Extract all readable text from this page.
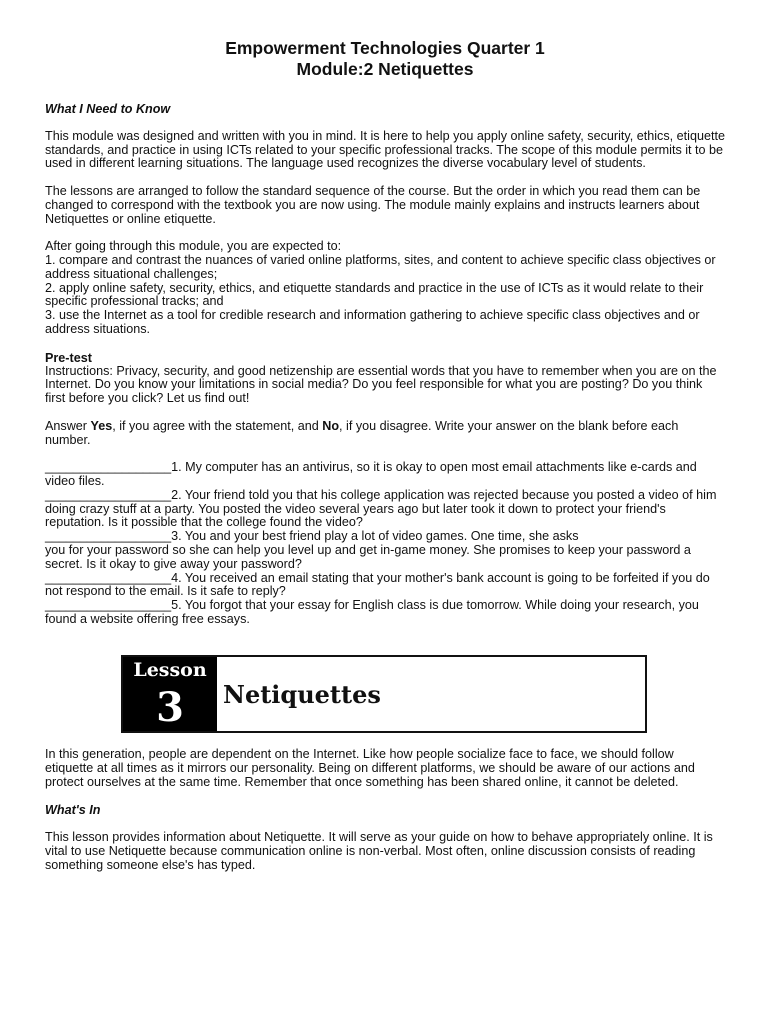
Empowerment Technologies Quarter 1

Module:2 Netiquettes

What I Need to Know

This module was designed and written with you in mind. It is here to help you apply online safety, security, ethics, etiquette standards, and practice in using ICTs related to your specific professional tracks. The scope of this module permits it to be used in different learning situations. The language used recognizes the diverse vocabulary level of students.

The lessons are arranged to follow the standard sequence of the course. But the order in which you read them can be changed to correspond with the textbook you are now using. The module mainly explains and instructs learners about Netiquettes or online etiquette.

After going through this module, you are expected to:

1. compare and contrast the nuances of varied online platforms, sites, and content to achieve specific class objectives or address situational challenges;

2. apply online safety, security, ethics, and etiquette standards and practice in the use of ICTs as it would relate to their specific professional tracks; and

3. use the Internet as a tool for credible research and information gathering to achieve specific class objectives and or address situations.

Pre-test

Instructions: Privacy, security, and good netizenship are essential words that you have to remember when you are on the Internet. Do you know your limitations in social media? Do you feel responsible for what you are posting? Do you think first before you click? Let us find out!

Answer Yes, if you agree with the statement, and No, if you disagree. Write your answer on the blank before each number.

__________________1. My computer has an antivirus, so it is okay to open most email attachments like e-cards and video files.

__________________2. Your friend told you that his college application was rejected because you posted a video of him doing crazy stuff at a party. You posted the video several years ago but later took it down to protect your friend's reputation. Is it possible that the college found the video?

__________________3. You and your best friend play a lot of video games. One time, she asks
you for your password so she can help you level up and get in-game money. She promises to keep your password a secret. Is it okay to give away your password?

__________________4. You received an email stating that your mother's bank account is going to be forfeited if you do not respond to the email. Is it safe to reply?

__________________5. You forgot that your essay for English class is due tomorrow. While doing your research, you found a website offering free essays.

Lesson
3 Netiquettes

In this generation, people are dependent on the Internet. Like how people socialize face to face, we should follow etiquette at all times as it mirrors our personality. Being on different platforms, we should be aware of our actions and protect ourselves at the same time. Remember that once something has been shared online, it cannot be deleted.

What's In

This lesson provides information about Netiquette. It will serve as your guide on how to behave appropriately online. It is vital to use Netiquette because communication online is non-verbal. Most often, online discussion consists of reading something someone else's has typed.
